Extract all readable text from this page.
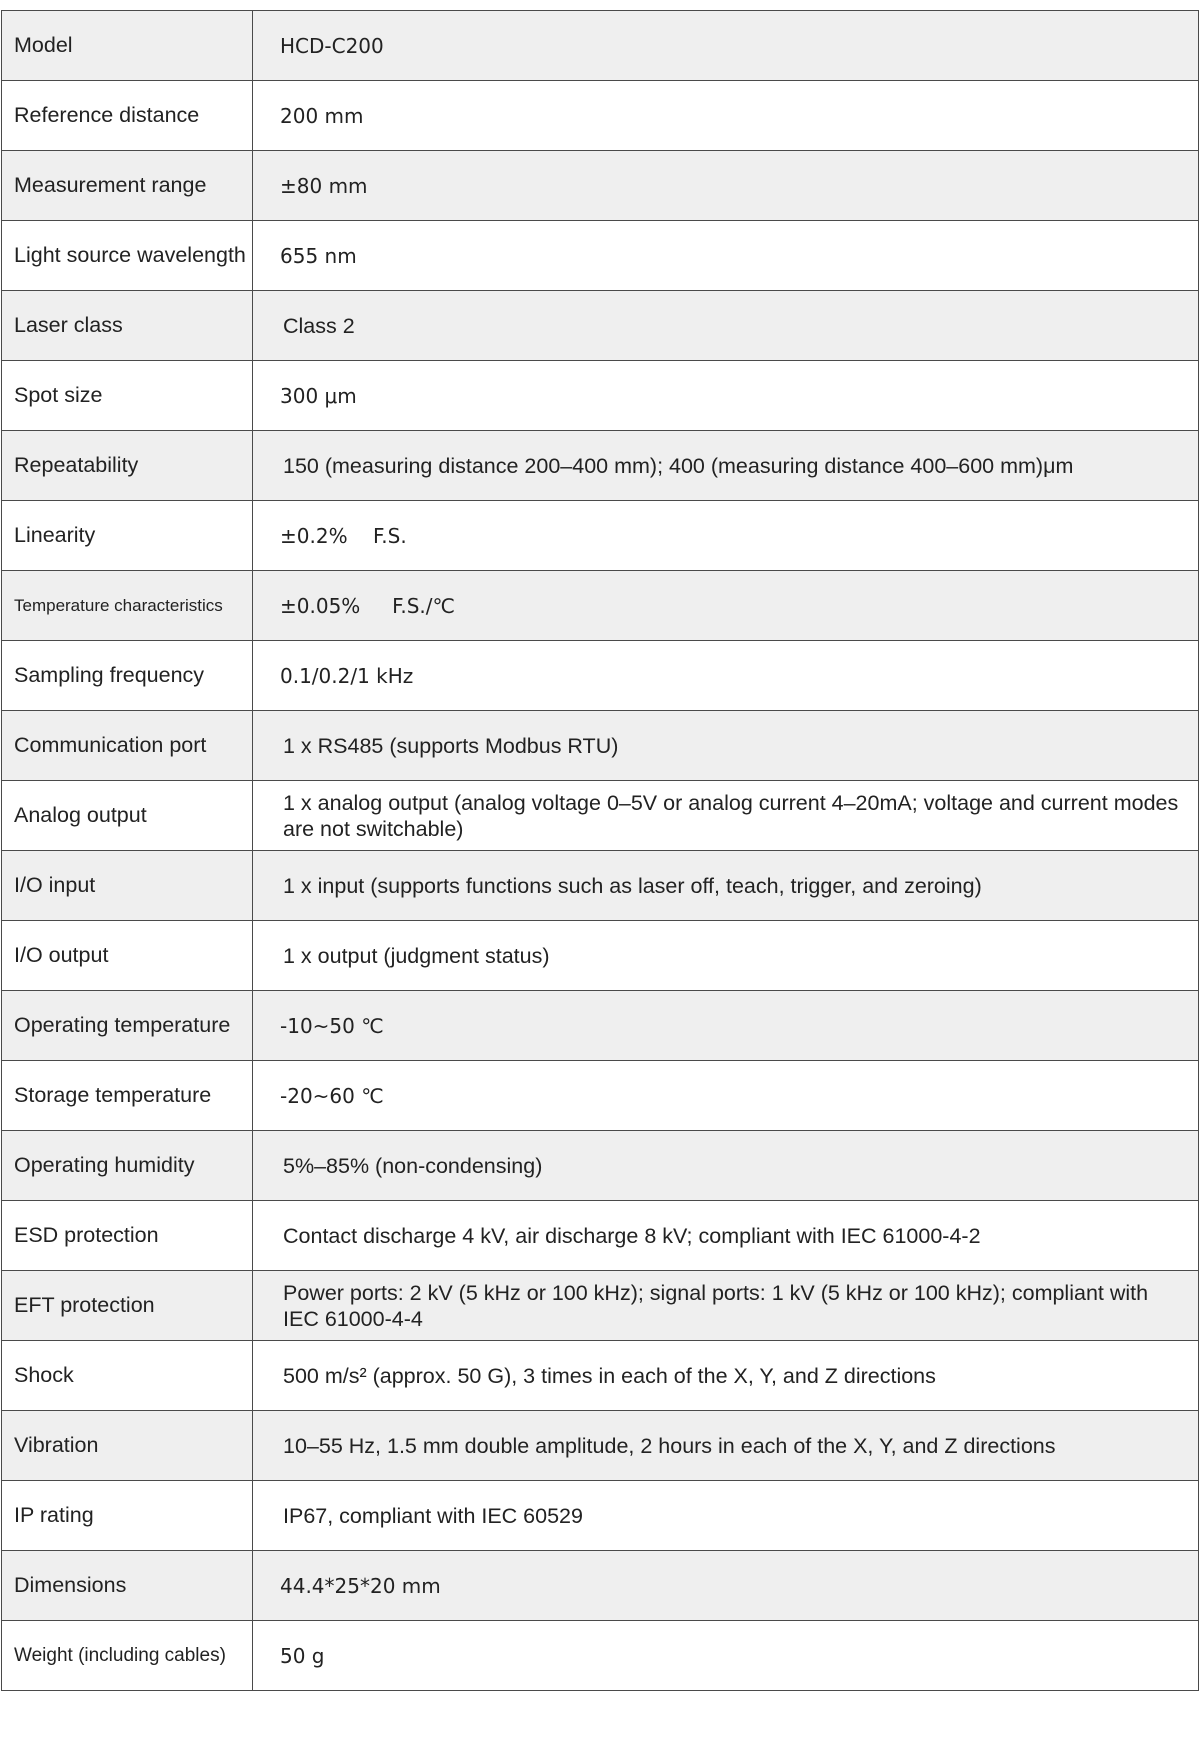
Model	HCD-C200
Reference distance	200 mm
Measurement range	±80 mm
Light source wavelength	655 nm
Laser class	Class 2
Spot size	300 μm
Repeatability	150 (measuring distance 200–400 mm); 400 (measuring distance 400–600 mm)μm
Linearity	±0.2%    F.S.
Temperature characteristics	±0.05%     F.S./℃
Sampling frequency	0.1/0.2/1 kHz
Communication port	1 x RS485 (supports Modbus RTU)
Analog output	1 x analog output (analog voltage 0–5V or analog current 4–20mA; voltage and current modes are not switchable)
I/O input	1 x input (supports functions such as laser off, teach, trigger, and zeroing)
I/O output	1 x output (judgment status)
Operating temperature	-10~50 ℃
Storage temperature	-20~60 ℃
Operating humidity	5%–85% (non-condensing)
ESD protection	Contact discharge 4 kV, air discharge 8 kV; compliant with IEC 61000-4-2
EFT protection	Power ports: 2 kV (5 kHz or 100 kHz); signal ports: 1 kV (5 kHz or 100 kHz); compliant with IEC 61000-4-4
Shock	500 m/s² (approx. 50 G), 3 times in each of the X, Y, and Z directions
Vibration	10–55 Hz, 1.5 mm double amplitude, 2 hours in each of the X, Y, and Z directions
IP rating	IP67, compliant with IEC 60529
Dimensions	44.4*25*20 mm
Weight (including cables)	50 g
